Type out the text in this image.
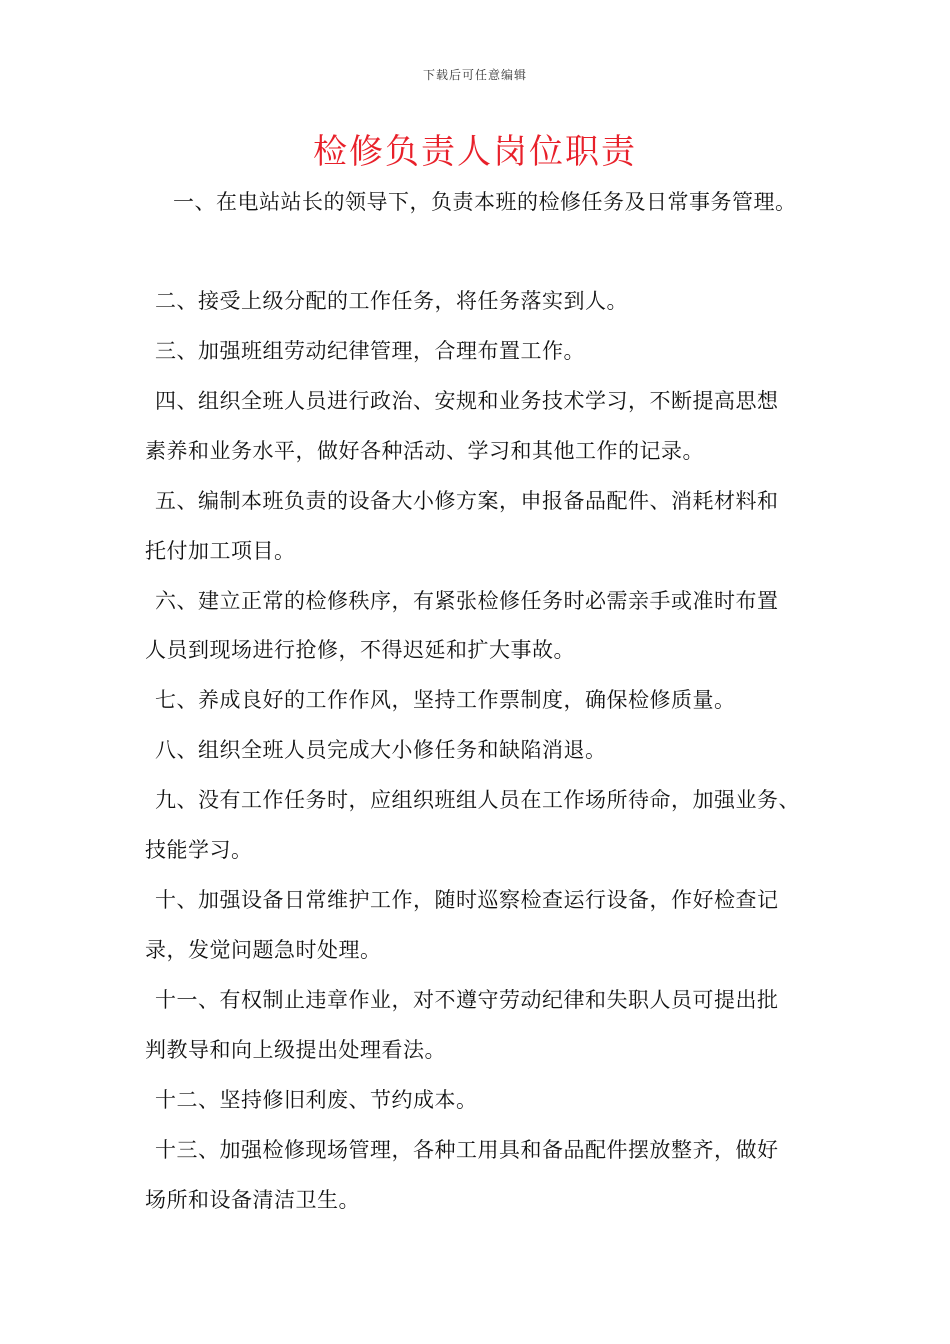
下载后可任意编辑
检修负责人岗位职责
一、在电站站长的领导下，负责本班的检修任务及日常事务管理。
二、接受上级分配的工作任务，将任务落实到人。
三、加强班组劳动纪律管理，合理布置工作。
四、组织全班人员进行政治、安规和业务技术学习，不断提高思想
素养和业务水平，做好各种活动、学习和其他工作的记录。
五、编制本班负责的设备大小修方案，申报备品配件、消耗材料和
托付加工项目。
六、建立正常的检修秩序，有紧张检修任务时必需亲手或准时布置
人员到现场进行抢修，不得迟延和扩大事故。
七、养成良好的工作作风，坚持工作票制度，确保检修质量。
八、组织全班人员完成大小修任务和缺陷消退。
九、没有工作任务时，应组织班组人员在工作场所待命，加强业务、
技能学习。
十、加强设备日常维护工作，随时巡察检查运行设备，作好检查记
录，发觉问题急时处理。
十一、有权制止违章作业，对不遵守劳动纪律和失职人员可提出批
判教导和向上级提出处理看法。
十二、坚持修旧利废、节约成本。
十三、加强检修现场管理，各种工用具和备品配件摆放整齐，做好
场所和设备清洁卫生。
